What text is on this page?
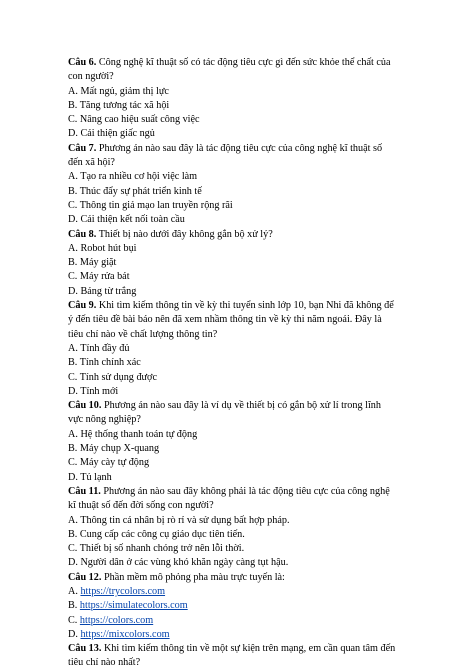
Câu 6. Công nghệ kĩ thuật số có tác động tiêu cực gì đến sức khỏe thể chất của con người?

A. Mất ngủ, giảm thị lực

B. Tăng tương tác xã hội

C. Nâng cao hiệu suất công việc

D. Cải thiện giấc ngủ

Câu 7. Phương án nào sau đây là tác động tiêu cực của công nghệ kĩ thuật số đến xã hội?

A. Tạo ra nhiều cơ hội việc làm

B. Thúc đẩy sự phát triển kinh tế

C. Thông tin giả mạo lan truyền rộng rãi

D. Cải thiện kết nối toàn cầu

Câu 8. Thiết bị nào dưới đây không gắn bộ xử lý?

A. Robot hút bụi

B. Máy giặt

C. Máy rửa bát

D. Bảng từ trắng

Câu 9. Khi tìm kiếm thông tin về kỳ thi tuyển sinh lớp 10, bạn Nhi đã không để ý đến tiêu đề bài báo nên đã xem nhầm thông tin về kỳ thi năm ngoái. Đây là tiêu chí nào về chất lượng thông tin?

A. Tính đầy đủ

B. Tính chính xác

C. Tính sử dụng được

D. Tính mới

Câu 10. Phương án nào sau đây là ví dụ về thiết bị có gắn bộ xử lí trong lĩnh vực nông nghiệp?

A. Hệ thống thanh toán tự động

B. Máy chụp X-quang

C. Máy cày tự động

D. Tủ lạnh

Câu 11. Phương án nào sau đây không phải là tác động tiêu cực của công nghệ kĩ thuật số đến đời sống con người?

A. Thông tin cá nhân bị rò rỉ và sử dụng bất hợp pháp.

B. Cung cấp các công cụ giáo dục tiên tiến.

C. Thiết bị số nhanh chóng trở nên lỗi thời.

D. Người dân ở các vùng khó khăn ngày càng tụt hậu.

Câu 12. Phần mềm mô phỏng pha màu trực tuyến là:

A. https://trycolors.com

B. https://simulatecolors.com

C. https://colors.com

D. https://mixcolors.com

Câu 13. Khi tìm kiếm thông tin về một sự kiện trên mạng, em cần quan tâm đến tiêu chí nào nhất?
